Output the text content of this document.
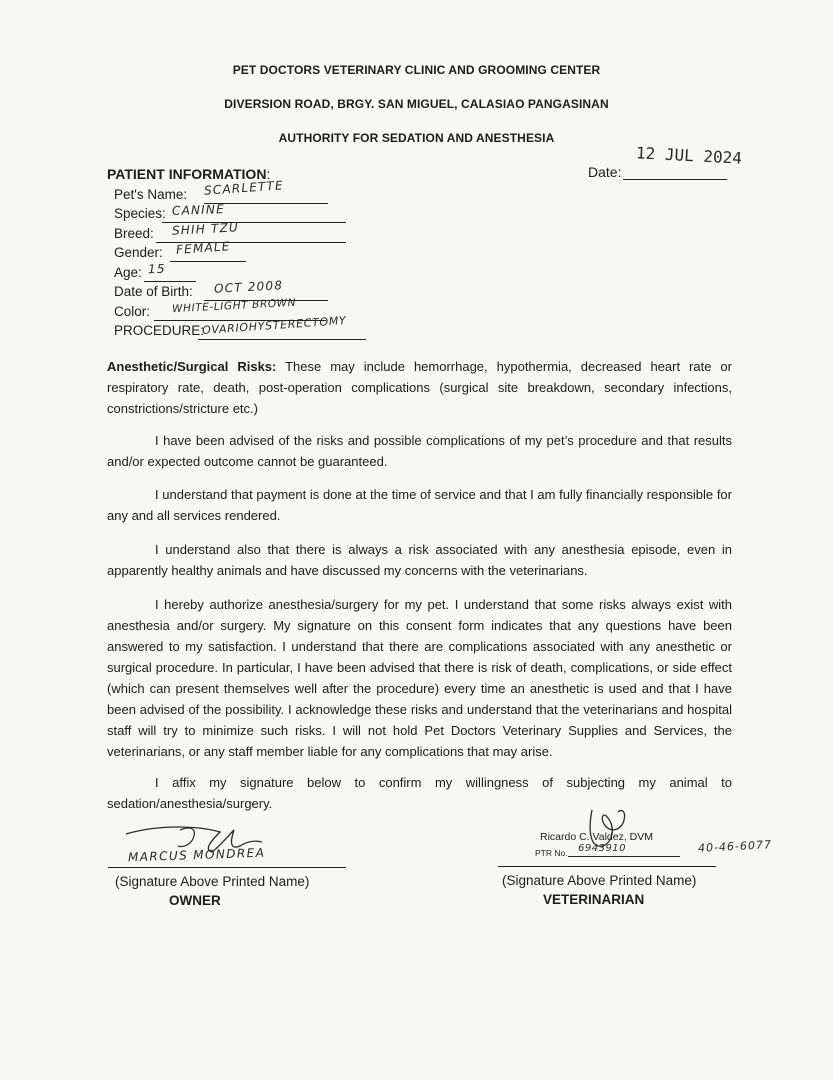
PET DOCTORS VETERINARY CLINIC AND GROOMING CENTER
DIVERSION ROAD, BRGY. SAN MIGUEL, CALASIAO PANGASINAN
AUTHORITY FOR SEDATION AND ANESTHESIA
12 JUL 2024
Date:
PATIENT INFORMATION:
Pet's Name:	SCARLETTE
Species: CANINE
Breed:	SHIH TZU
Gender:	FEMALE
Age: 15
Date of Birth:	OCT 2008
Color:	WHITE-LIGHT BROWN
PROCEDURE:
OVARIOHYSTERECTOMY
Anesthetic/Surgical Risks: These may include hemorrhage, hypothermia, decreased heart rate or respiratory rate, death, post-operation complications (surgical site breakdown, secondary infections, constrictions/stricture etc.)
I have been advised of the risks and possible complications of my pet’s procedure and that results and/or expected outcome cannot be guaranteed.
I understand that payment is done at the time of service and that I am fully financially responsible for any and all services rendered.
I understand also that there is always a risk associated with any anesthesia episode, even in apparently healthy animals and have discussed my concerns with the veterinarians.
I hereby authorize anesthesia/surgery for my pet. I understand that some risks always exist with anesthesia and/or surgery. My signature on this consent form indicates that any questions have been answered to my satisfaction. I understand that there are complications associated with any anesthetic or surgical procedure. In particular, I have been advised that there is risk of death, complications, or side effect (which can present themselves well after the procedure) every time an anesthetic is used and that I have been advised of the possibility. I acknowledge these risks and understand that the veterinarians and hospital staff will try to minimize such risks. I will not hold Pet Doctors Veterinary Supplies and Services, the veterinarians, or any staff member liable for any complications that may arise.
I affix my signature below to confirm my willingness of subjecting my animal to sedation/anesthesia/surgery.
MARCUS MONDREA
(Signature Above Printed Name)
OWNER
Ricardo C. Valdez, DVM
PTR No. 6943910	40-46-6077
(Signature Above Printed Name)
VETERINARIAN
